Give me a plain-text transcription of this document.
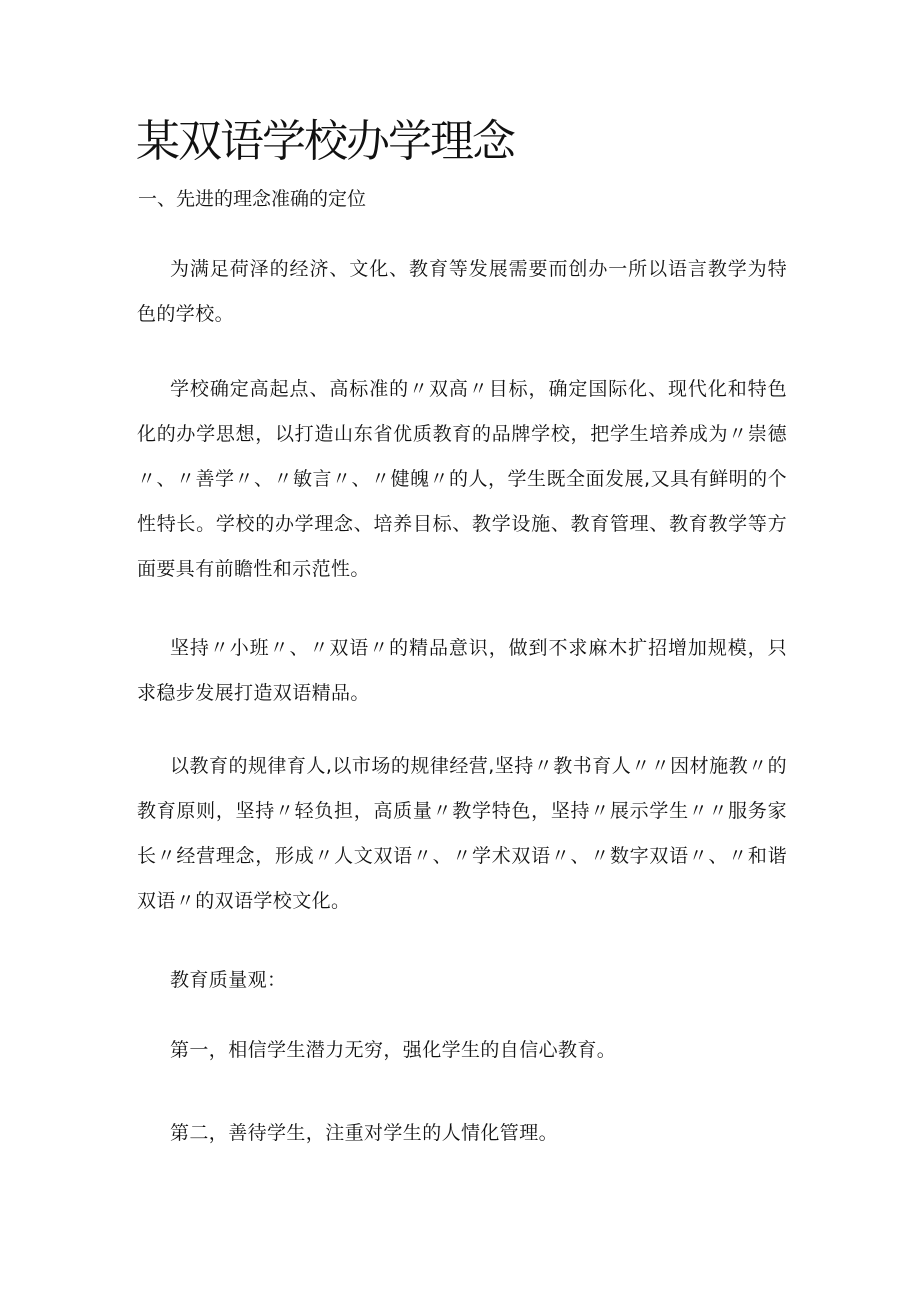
某双语学校办学理念
一、先进的理念准确的定位

为满足荷泽的经济、文化、教育等发展需要而创办一所以语言教学为特色的学校。

学校确定高起点、高标准的〃双高〃目标，确定国际化、现代化和特色化的办学思想，以打造山东省优质教育的品牌学校，把学生培养成为〃崇德〃、〃善学〃、〃敏言〃、〃健魄〃的人，学生既全面发展,又具有鲜明的个性特长。学校的办学理念、培养目标、教学设施、教育管理、教育教学等方面要具有前瞻性和示范性。

坚持〃小班〃、〃双语〃的精品意识，做到不求麻木扩招增加规模，只求稳步发展打造双语精品。

以教育的规律育人,以市场的规律经营,坚持〃教书育人〃〃因材施教〃的教育原则，坚持〃轻负担，高质量〃教学特色，坚持〃展示学生〃〃服务家长〃经营理念，形成〃人文双语〃、〃学术双语〃、〃数字双语〃、〃和谐双语〃的双语学校文化。

教育质量观：

第一，相信学生潜力无穷，强化学生的自信心教育。

第二，善待学生，注重对学生的人情化管理。
